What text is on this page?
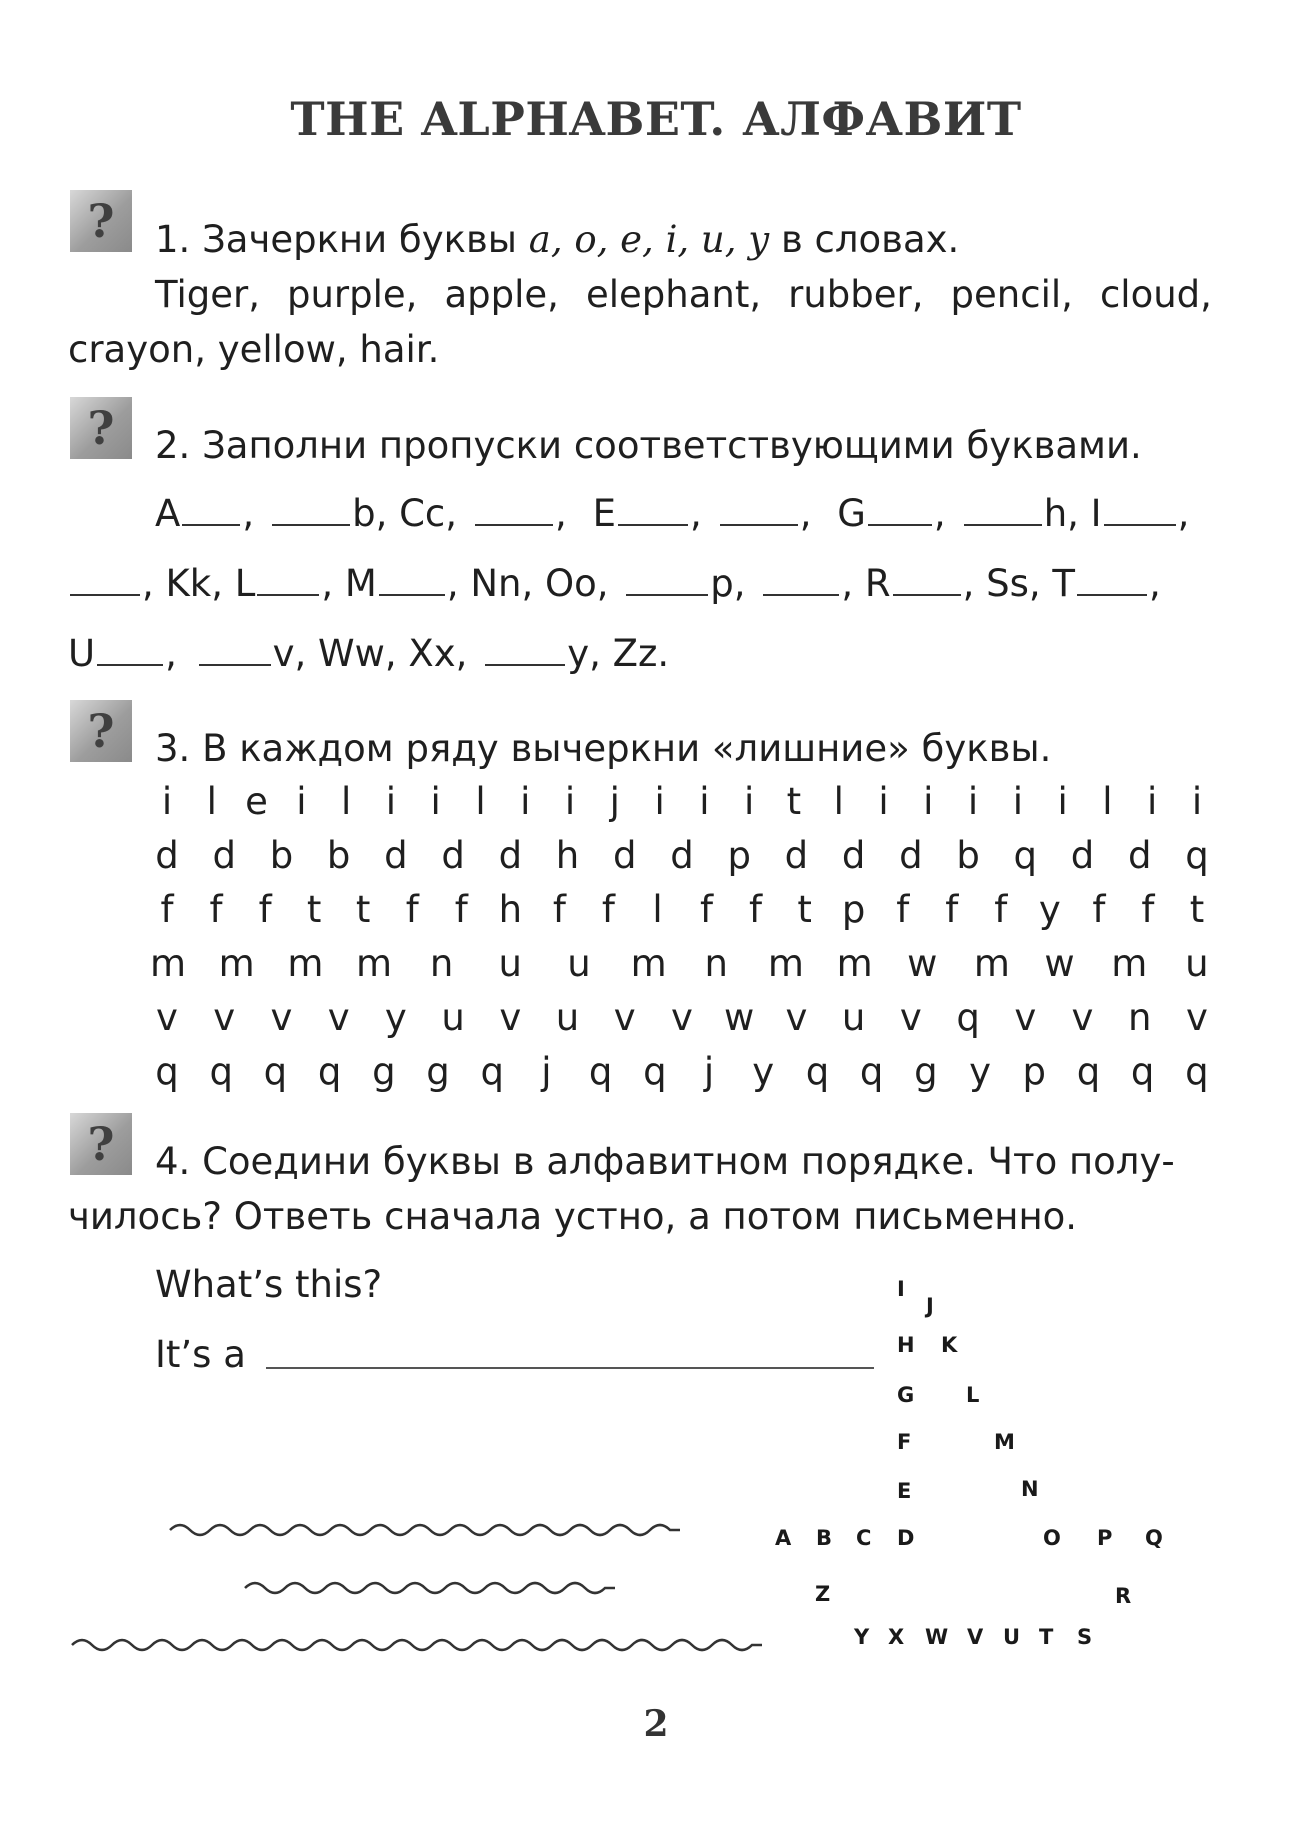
THE ALPHABET. АЛФАВИТ
?	1. Зачеркни буквы a, o, e, i, u, y в словах.
Tiger, purple, apple, elephant, rubber, pencil, cloud,
crayon, yellow, hair.
?	2. Заполни пропуски соответствующими буквами.
A ,	b, Cc,	, E ,	, G ,	h, I ,
, Kk, L , M , Nn, Oo,	p,	, R , Ss, T ,
U ,	v, Ww, Xx,	y, Zz.
?	3. В каждом ряду вычеркни «лишние» буквы.
i l e i l i i l i i j i i i t l i i i i i l i i
d d b b d d d h d d p d d d b q d d q
f f f t t f f h f f	l	f f t p f f f y f f t
m m m m n u u m n m m w m w m u
v v v v y u v u v v w v u v q v v n v
q q q q g g q	j	q q	j	y q q g y p q q q
?	4. Соедини буквы в алфавитном порядке. Что полу-
чилось? Ответь сначала устно, а потом письменно.
What’s this?
It’s a
I
J
H K
G L
F	M
E	N
A B C D	O P Q
Z	R
Y X W V U T S
2
